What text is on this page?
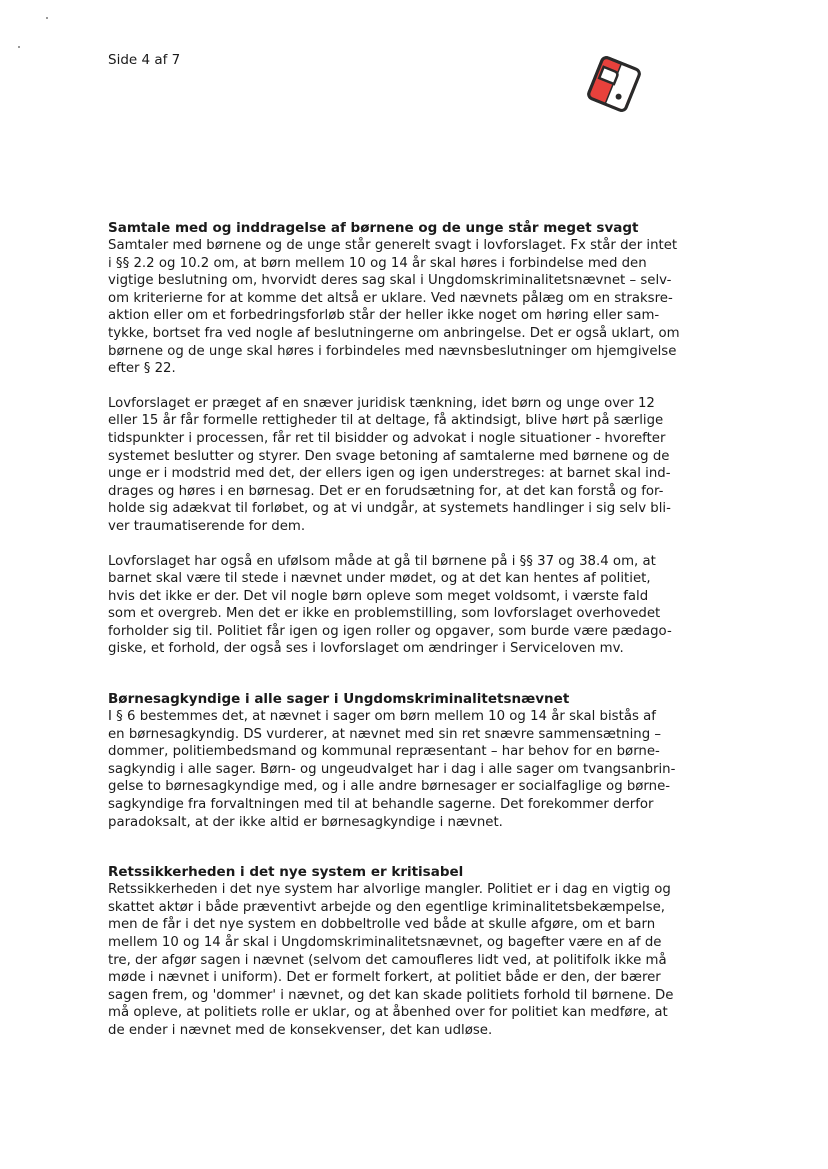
Side 4 af 7
Samtale med og inddragelse af børnene og de unge står meget svagt
Samtaler med børnene og de unge står generelt svagt i lovforslaget. Fx står der intet
i §§ 2.2 og 10.2 om, at børn mellem 10 og 14 år skal høres i forbindelse med den
vigtige beslutning om, hvorvidt deres sag skal i Ungdomskriminalitetsnævnet – selv-
om kriterierne for at komme det altså er uklare. Ved nævnets pålæg om en straksre-
aktion eller om et forbedringsforløb står der heller ikke noget om høring eller sam-
tykke, bortset fra ved nogle af beslutningerne om anbringelse. Det er også uklart, om
børnene og de unge skal høres i forbindeles med nævnsbeslutninger om hjemgivelse
efter § 22.
Lovforslaget er præget af en snæver juridisk tænkning, idet børn og unge over 12
eller 15 år får formelle rettigheder til at deltage, få aktindsigt, blive hørt på særlige
tidspunkter i processen, får ret til bisidder og advokat i nogle situationer - hvorefter
systemet beslutter og styrer. Den svage betoning af samtalerne med børnene og de
unge er i modstrid med det, der ellers igen og igen understreges: at barnet skal ind-
drages og høres i en børnesag. Det er en forudsætning for, at det kan forstå og for-
holde sig adækvat til forløbet, og at vi undgår, at systemets handlinger i sig selv bli-
ver traumatiserende for dem.
Lovforslaget har også en ufølsom måde at gå til børnene på i §§ 37 og 38.4 om, at
barnet skal være til stede i nævnet under mødet, og at det kan hentes af politiet,
hvis det ikke er der. Det vil nogle børn opleve som meget voldsomt, i værste fald
som et overgreb. Men det er ikke en problemstilling, som lovforslaget overhovedet
forholder sig til. Politiet får igen og igen roller og opgaver, som burde være pædago-
giske, et forhold, der også ses i lovforslaget om ændringer i Serviceloven mv.
Børnesagkyndige i alle sager i Ungdomskriminalitetsnævnet
I § 6 bestemmes det, at nævnet i sager om børn mellem 10 og 14 år skal bistås af
en børnesagkyndig. DS vurderer, at nævnet med sin ret snævre sammensætning –
dommer, politiembedsmand og kommunal repræsentant – har behov for en børne-
sagkyndig i alle sager. Børn- og ungeudvalget har i dag i alle sager om tvangsanbrin-
gelse to børnesagkyndige med, og i alle andre børnesager er socialfaglige og børne-
sagkyndige fra forvaltningen med til at behandle sagerne. Det forekommer derfor
paradoksalt, at der ikke altid er børnesagkyndige i nævnet.
Retssikkerheden i det nye system er kritisabel
Retssikkerheden i det nye system har alvorlige mangler. Politiet er i dag en vigtig og
skattet aktør i både præventivt arbejde og den egentlige kriminalitetsbekæmpelse,
men de får i det nye system en dobbeltrolle ved både at skulle afgøre, om et barn
mellem 10 og 14 år skal i Ungdomskriminalitetsnævnet, og bagefter være en af de
tre, der afgør sagen i nævnet (selvom det camoufleres lidt ved, at politifolk ikke må
møde i nævnet i uniform). Det er formelt forkert, at politiet både er den, der bærer
sagen frem, og 'dommer' i nævnet, og det kan skade politiets forhold til børnene. De
må opleve, at politiets rolle er uklar, og at åbenhed over for politiet kan medføre, at
de ender i nævnet med de konsekvenser, det kan udløse.
